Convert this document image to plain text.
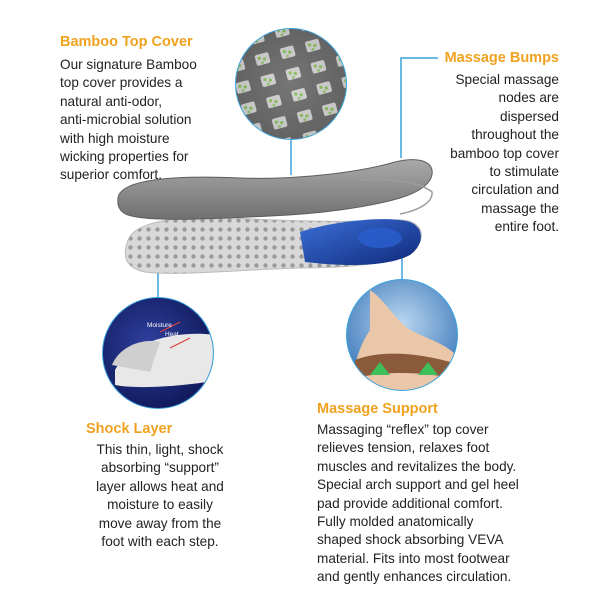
Bamboo Top Cover
Our signature Bamboo
top cover provides a
natural anti-odor,
anti-microbial solution
with high moisture
wicking properties for
superior comfort.
Massage Bumps
Special massage
nodes are
dispersed
throughout the
bamboo top cover
to stimulate
circulation and
massage the
entire foot.
Moisture
Heat
Shock Layer
This thin, light, shock
absorbing “support”
layer allows heat and
moisture to easily
move away from the
foot with each step.
Massage Support
Massaging “reflex” top cover
relieves tension, relaxes foot
muscles and revitalizes the body.
Special arch support and gel heel
pad provide additional comfort.
Fully molded anatomically
shaped shock absorbing VEVA
material. Fits into most footwear
and gently enhances circulation.
